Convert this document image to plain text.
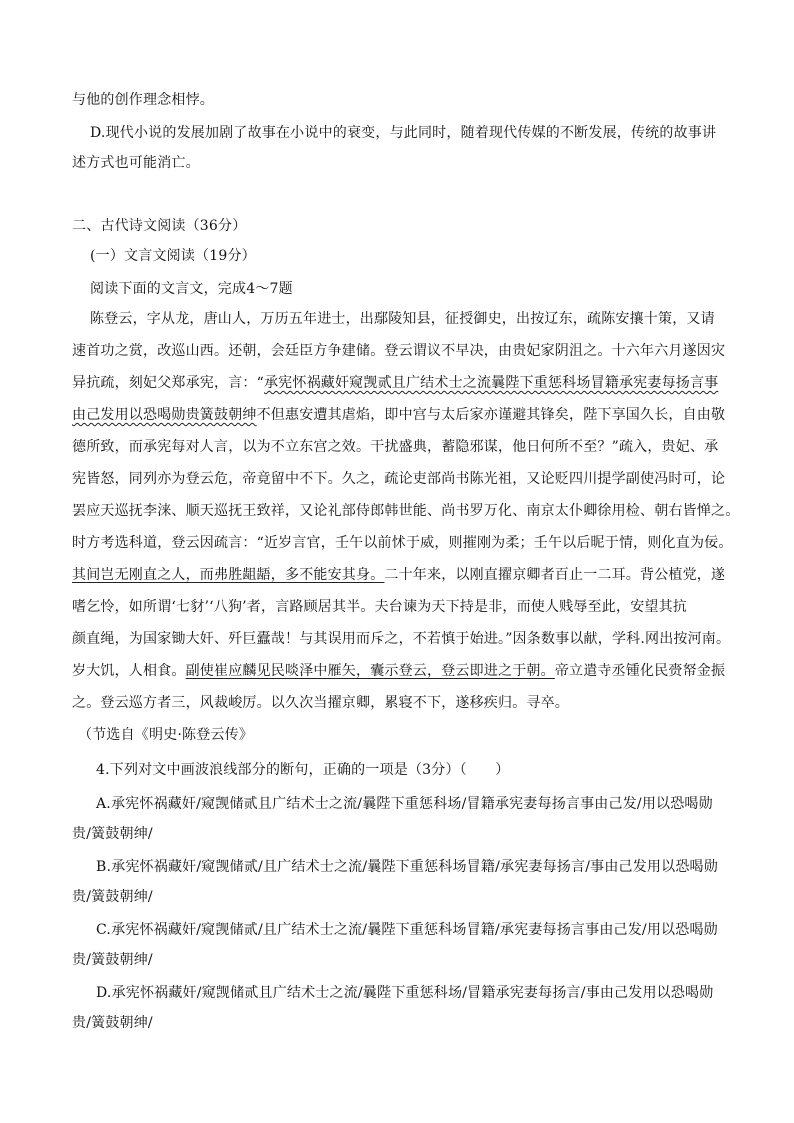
与他的创作理念相悖。
D.现代小说的发展加剧了故事在小说中的衰变，与此同时，随着现代传媒的不断发展，传统的故事讲
述方式也可能消亡。
二、古代诗文阅读（36分）
(一）文言文阅读（19分）
阅读下面的文言文，完成4～7题
陈登云，字从龙，唐山人，万历五年进士，出鄢陵知县，征授御史，出按辽东，疏陈安攘十策，又请
速首功之赏，改巡山西。还朝，会廷臣方争建储。登云谓议不早决，由贵妃家阴沮之。十六年六月遂因灾
异抗疏，刻妃父郑承宪，言：“承宪怀祸藏奸窥觊贰且广结术士之流曩陛下重惩科场冒籍承宪妻每扬言事
由己发用以恐喝勋贵簧鼓朝绅不但惠安遭其虐焰，即中宫与太后家亦谨避其锋矣，陛下享国久长，自由敬
德所致，而承宪每对人言，以为不立东宫之效。干扰盛典，蓄隐邪谋，他日何所不至？”疏入，贵妃、承
宪皆怒，同列亦为登云危，帝竟留中不下。久之，疏论吏部尚书陈光祖，又论贬四川提学副使冯时可，论
罢应天巡抚李涞、顺天巡抚王致祥，又论礼部侍郎韩世能、尚书罗万化、南京太仆卿徐用检、朝右皆惮之。
时方考选科道，登云因疏言：“近岁言官，壬午以前怵于威，则摧刚为柔；壬午以后昵于情，则化直为佞。
其间岂无刚直之人，而弗胜龃龉，多不能安其身。二十年来，以刚直擢京卿者百止一二耳。背公植党，遂
嗜乞怜，如所谓‘七豺’‘八狗’者，言路顾居其半。夫台谏为天下持是非，而使人贱辱至此，安望其抗
颜直绳，为国家锄大奸、歼巨蠹哉！与其误用而斥之，不若慎于始进。”因条数事以献，学科.网出按河南。
岁大饥，人相食。副使崔应麟见民啖泽中雁矢，囊示登云，登云即进之于朝。帝立遣寺丞锺化民赍帑金振
之。登云巡方者三，风裁峻厉。以久次当擢京卿，累寝不下，遂移疾归。寻卒。
（节选自《明史·陈登云传》
4.下列对文中画波浪线部分的断句，正确的一项是（3分）（　　）
A.承宪怀祸藏奸/窥觊储贰且广结术士之流/曩陛下重惩科场/冒籍承宪妻每扬言事由己发/用以恐喝勋
贵/簧鼓朝绅/
B.承宪怀祸藏奸/窥觊储贰/且广结术士之流/曩陛下重惩科场冒籍/承宪妻每扬言/事由己发用以恐喝勋
贵/簧鼓朝绅/
C.承宪怀祸藏奸/窥觊储贰/且广结术士之流/曩陛下重惩科场冒籍/承宪妻每扬言事由己发/用以恐喝勋
贵/簧鼓朝绅/
D.承宪怀祸藏奸/窥觊储贰且广结术士之流/曩陛下重惩科场/冒籍承宪妻每扬言/事由己发用以恐喝勋
贵/簧鼓朝绅/
